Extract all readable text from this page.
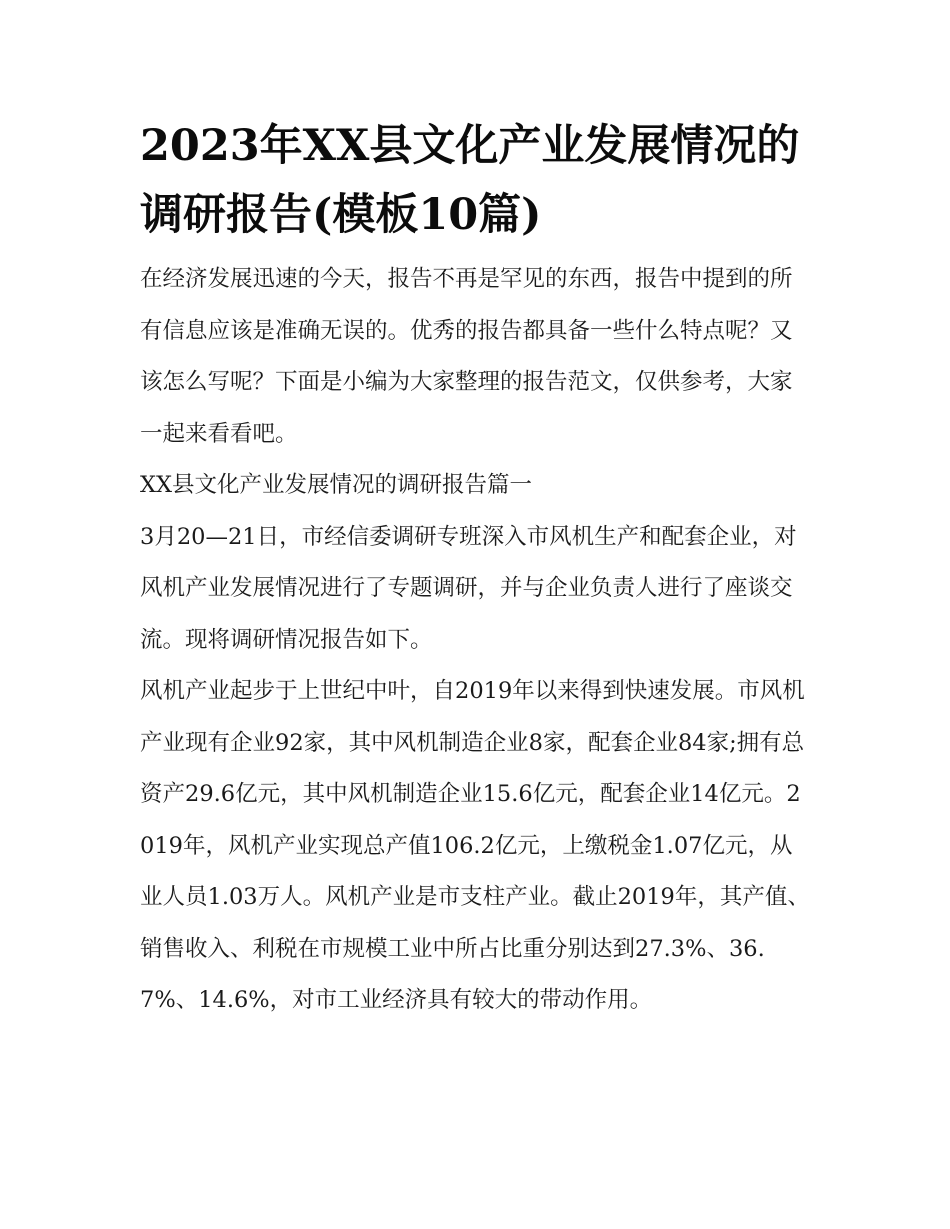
2023年XX县文化产业发展情况的调研报告(模板10篇)

在经济发展迅速的今天，报告不再是罕见的东西，报告中提到的所有信息应该是准确无误的。优秀的报告都具备一些什么特点呢？又该怎么写呢？下面是小编为大家整理的报告范文，仅供参考，大家一起来看看吧。

XX县文化产业发展情况的调研报告篇一

3月20—21日，市经信委调研专班深入市风机生产和配套企业，对风机产业发展情况进行了专题调研，并与企业负责人进行了座谈交流。现将调研情况报告如下。

风机产业起步于上世纪中叶，自2019年以来得到快速发展。市风机产业现有企业92家，其中风机制造企业8家，配套企业84家;拥有总资产29.6亿元，其中风机制造企业15.6亿元，配套企业14亿元。2019年，风机产业实现总产值106.2亿元，上缴税金1.07亿元，从业人员1.03万人。风机产业是市支柱产业。截止2019年，其产值、销售收入、利税在市规模工业中所占比重分别达到27.3%、36.7%、14.6%，对市工业经济具有较大的带动作用。
